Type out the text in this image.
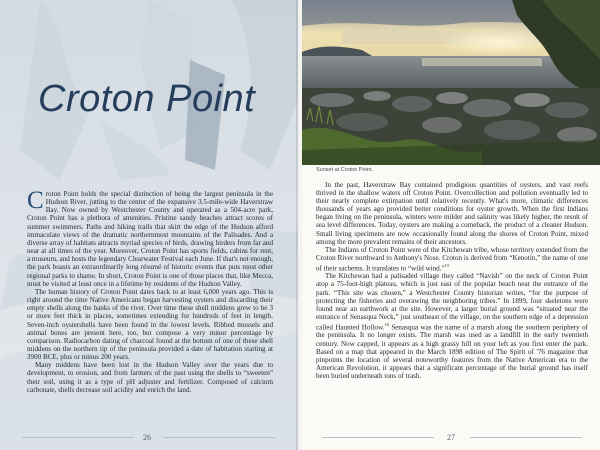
Croton Point

Croton Point holds the special distinction of being the largest peninsula in the Hudson River, jutting to the center of the expansive 3.5-mile-wide Haverstraw Bay. Now owned by Westchester County and operated as a 504-acre park, Croton Point has a plethora of amenities. Pristine sandy beaches attract scores of summer swimmers. Paths and hiking trails that skirt the edge of the Hudson afford immaculate views of the dramatic northernmost mountains of the Palisades. And a diverse array of habitats attracts myriad species of birds, drawing birders from far and near at all times of the year. Moreover, Croton Point has sports fields, cabins for rent, a museum, and hosts the legendary Clearwater Festival each June. If that's not enough, the park boasts an extraordinarily long résumé of historic events that puts most other regional parks to shame. In short, Croton Point is one of those places that, like Mecca, must be visited at least once in a lifetime by residents of the Hudson Valley.

The human history of Croton Point dates back to at least 6,000 years ago. This is right around the time Native Americans began harvesting oysters and discarding their empty shells along the banks of the river. Over time these shell middens grew to be 3 or more feet thick in places, sometimes extending for hundreds of feet in length. Seven-inch oystershells have been found in the lowest levels. Ribbed mussels and animal bones are present here, too, but compose a very minor percentage by comparison. Radiocarbon dating of charcoal found at the bottom of one of these shell middens on the northern tip of the peninsula provided a date of habitation starting at 3900 BCE, plus or minus 200 years.

Many middens have been lost in the Hudson Valley over the years due to development, to erosion, and from farmers of the past using the shells to “sweeten” their soil, using it as a type of pH adjuster and fertilizer. Composed of calcium carbonate, shells decrease soil acidity and enrich the land.

26
Sunset at Croton Point.

In the past, Haverstraw Bay contained prodigious quantities of oysters, and vast reefs thrived in the shallow waters off Croton Point. Overcollection and pollution eventually led to their nearly complete extirpation until relatively recently. What's more, climatic differences thousands of years ago provided better conditions for oyster growth. When the first Indians began living on the peninsula, winters were milder and salinity was likely higher, the result of sea level differences. Today, oysters are making a comeback, the product of a cleaner Hudson. Small living specimens are now occasionally found along the shores of Croton Point, mixed among the more prevalent remains of their ancestors.

The Indians of Croton Point were of the Kitchewan tribe, whose territory extended from the Croton River northward to Anthony's Nose. Croton is derived from “Kenotin,” the name of one of their sachems. It translates to “wild wind.”$^{15}$

The Kitchewan had a palisaded village they called “Navish” on the neck of Croton Point atop a 75-foot-high plateau, which is just east of the popular beach near the entrance of the park. “This site was chosen,” a Westchester County historian writes, “for the purpose of protecting the fisheries and overawing the neighboring tribes.” In 1899, four skeletons were found near an earthwork at the site. However, a larger burial ground was “situated near the entrance of Senasqua Neck,” just southeast of the village, on the southern edge of a depression called Haunted Hollow.$^{16}$ Senasqua was the name of a marsh along the southern periphery of the peninsula. It no longer exists. The marsh was used as a landfill in the early twentieth century. Now capped, it appears as a high grassy hill on your left as you first enter the park. Based on a map that appeared in the March 1898 edition of The Spirit of '76 magazine that pinpoints the location of several noteworthy features from the Native American era to the American Revolution, it appears that a significant percentage of the burial ground has itself been buried underneath tons of trash.

27
